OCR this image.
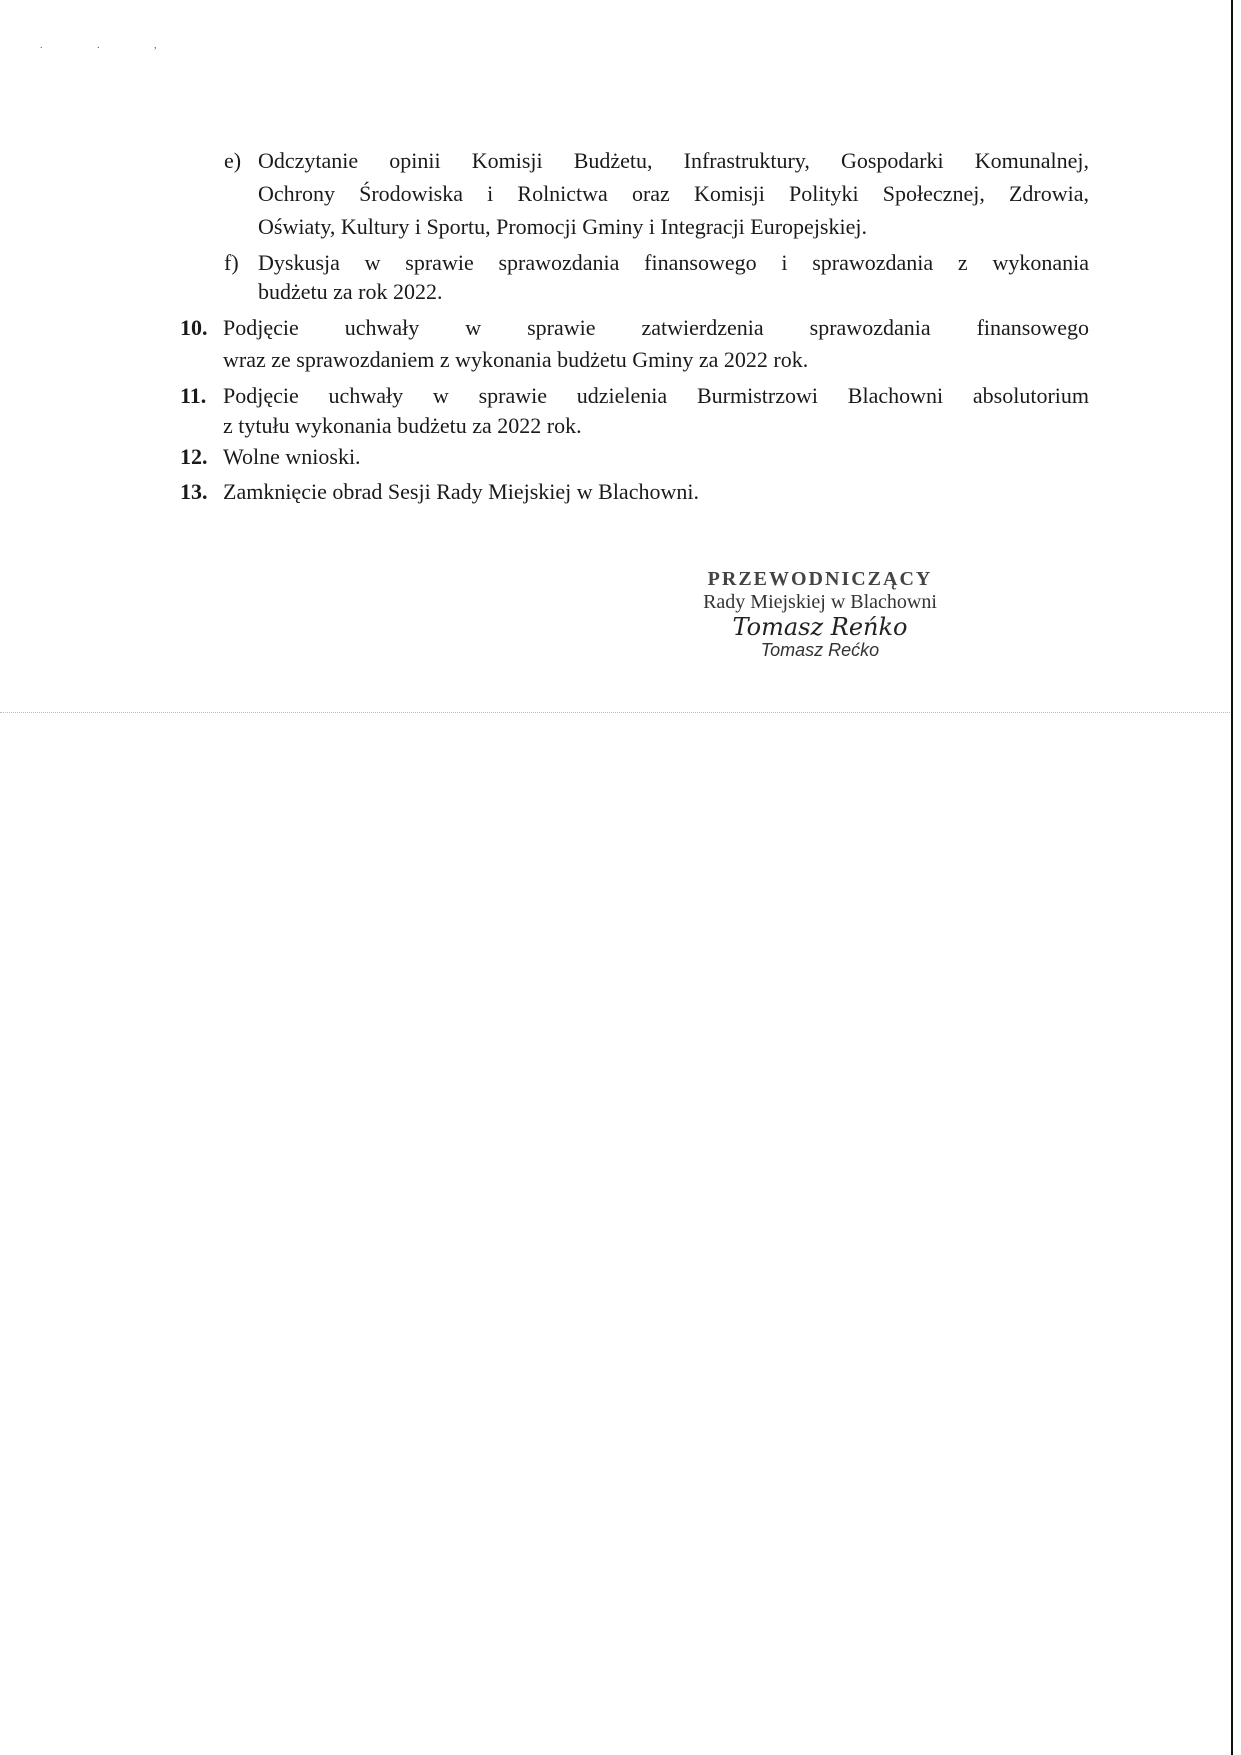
. . ,
e) Odczytanie opinii Komisji Budżetu, Infrastruktury, Gospodarki Komunalnej,
Ochrony Środowiska i Rolnictwa oraz Komisji Polityki Społecznej, Zdrowia,
Oświaty, Kultury i Sportu, Promocji Gminy i Integracji Europejskiej.
f) Dyskusja w sprawie sprawozdania finansowego i sprawozdania z wykonania
budżetu za rok 2022.
10. Podjęcie uchwały w sprawie zatwierdzenia sprawozdania finansowego
wraz ze sprawozdaniem z wykonania budżetu Gminy za 2022 rok.
11. Podjęcie uchwały w sprawie udzielenia Burmistrzowi Blachowni absolutorium
z tytułu wykonania budżetu za 2022 rok.
12. Wolne wnioski.
13. Zamknięcie obrad Sesji Rady Miejskiej w Blachowni.
PRZEWODNICZĄCY
Rady Miejskiej w Blachowni
Tomasz Reńko
Tomasz Rećko
